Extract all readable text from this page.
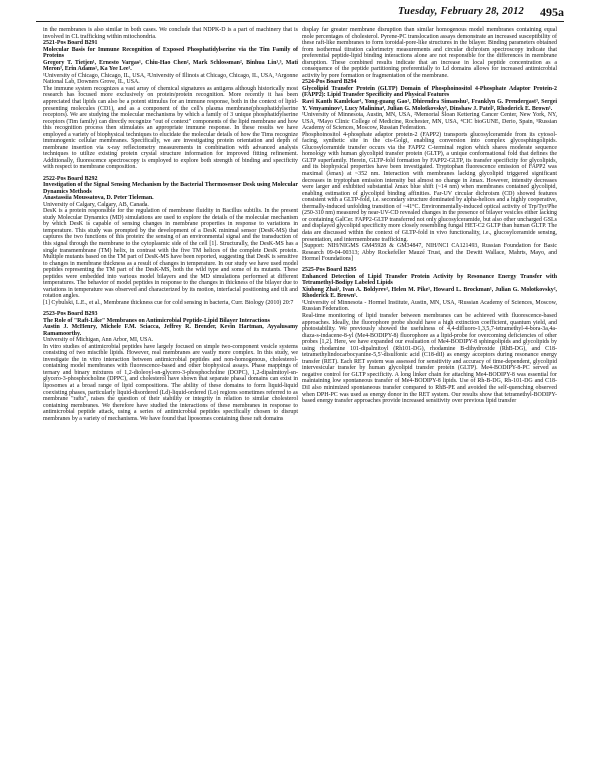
Tuesday, February 28, 2012 495a

in the membranes is also similar in both cases. We conclude that NDPK-D is a part of machinery that is involved in CL trafficking within mitochondria.

2521-Pos Board B291

Molecular Basis for Immune Recognition of Exposed Phosphatidylserine via the Tim Family of Proteins

Gregory T. Tietjen¹, Ernesto Vargas¹, Chiu-Hao Chen², Mark Schlossman², Binhua Lin¹,³, Mati Meron³, Erin Adams¹, Ka Yee Lee¹.

¹University of Chicago, Chicago, IL, USA, ²University of Illinois at Chicago, Chicago, IL, USA, ³Argonne National Lab, Downers Grove, IL, USA.

The immune system recognizes a vast array of chemical signatures as antigens although historically most research has focused more exclusively on protein/protein recognition. More recently it has been appreciated that lipids can also be a potent stimulus for an immune response, both in the context of lipid-presenting molecules (CD1), and as a component of the cell's plasma membrane(phosphatidylserine receptors). We are studying the molecular mechanisms by which a family of 3 unique phosphatidylserine receptors (Tim family) can directly recognize "out of context" components of the lipid membrane and how this recognition process then stimulates an appropriate immune response. In these results we have employed a variety of biophysical techniques to elucidate the molecular details of how the Tims recognize immunogenic cellular membranes. Specifically, we are investigating protein orientation and depth of membrane insertion via x-ray reflectometry measurements in combination with advanced analysis techniques to utilize existing protein crystal structure information for improved fitting refinement. Additionally, fluorescence spectroscopy is employed to explore both strength of binding and specificity with respect to membrane composition.

2522-Pos Board B292

Investigation of the Signal Sensing Mechanism by the Bacterial Thermosensor Desk using Molecular Dynamics Methods

Anastassiia Moussatova, D. Peter Tieleman.

University of Calgary, Calgary, AB, Canada.

DesK is a protein responsible for the regulation of membrane fluidity in Bacillus subtilis. In the present study Molecular Dynamics (MD) simulations are used to explore the details of the molecular mechanism by which DesK is capable of sensing changes in membrane properties in response to variations in temperature. This study was prompted by the development of a DesK minimal sensor (DesK-MS) that captures the two functions of this protein: the sensing of an environmental signal and the transduction of this signal through the membrane to the cytoplasmic side of the cell [1]. Structurally, the DesK-MS has a single transmembrane (TM) helix, in contrast with the five TM helices of the complete DesK protein. Multiple mutants based on the TM part of DesK-MS have been reported, suggesting that DesK is sensitive to changes in membrane thickness as a result of changes in temperature. In our study we have used model peptides representing the TM part of the DesK-MS, both the wild type and some of its mutants. These peptides were embedded into various model bilayers and the MD simulations performed at different temperatures. The behavior of model peptides in response to the changes in thickness of the bilayer due to variations in temperature was observed and characterized by its motion, interfacial positioning and tilt and rotation angles.

[1] Cybulski, L.E., et al., Membrane thickness cue for cold sensing in bacteria, Curr. Biology (2010) 20:7

2523-Pos Board B293

The Role of "Raft-Like" Membranes on Antimicrobial Peptide-Lipid Bilayer Interactions

Austin J. McHenry, Michele F.M. Sciacca, Jeffrey R. Brender, Kevin Hartman, Ayyalusamy Ramamoorthy.

University of Michigan, Ann Arbor, MI, USA.

In vitro studies of antimicrobial peptides have largely focused on simple two-component vesicle systems consisting of two miscible lipids. However, real membranes are vastly more complex. In this study, we investigate the in vitro interaction between antimicrobial peptides and non-homogenous, cholesterol-containing model membranes with fluorescence-based and other biophysical assays. Phase mappings of ternary and binary mixtures of 1,2-dioleoyl-sn-glycero-3-phosphocholine (DOPC), 1,2-dipalmitoyl-sn-glycero-3-phosphocholine (DPPC), and cholesterol have shown that separate phasal domains can exist in liposomes at a broad range of lipid compositions. The ability of these domains to form liquid-liquid coexisting phases, particularly liquid-disordered (Ld)-liquid-ordered (Lo) regions sometimes referred to as membrane "rafts", raises the question of their stability or integrity in relation to similar cholesterol containing membranes. We therefore have studied the interactions of these membranes in response to antimicrobial peptide attack, using a series of antimicrobial peptides specifically chosen to disrupt membranes by a variety of mechanisms. We have found that liposomes containing these raft domains

display far greater membrane disruption than similar homogenous model membranes containing equal mole percentages of cholesterol. Pyrene-PC translocation assays demonstrate an increased susceptibility of these raft-like membranes to form toroidal-pore-like structures in the bilayer. Binding parameters obtained from isothermal titration calorimetry measurements and circular dichroism spectroscopy indicate that preferential peptide-lipid binding interactions alone are not responsible for the differences in membrane disruption. These combined results indicate that an increase in local peptide concentration as a consequence of the peptide partitioning preferentially to Ld domains allows for increased antimicrobial activity by pore formation or fragmentation of the membrane.

2524-Pos Board B294

Glycolipid Transfer Protein (GLTP) Domain of Phosphoinositol 4-Phosphate Adaptor Protein-2 (FAPP2): Lipid Transfer Specificity and Physical Features

Ravi Kanth Kamlekar¹, Yong-guang Gao¹, Dhirendra Simanshu², Franklyn G. Prendergast³, Sergei Y. Venyaminov³, Lucy Malinina⁴, Julian G. Molotkovsky⁵, Dinshaw J. Patel², Rhoderick E. Brown¹.

¹University of Minnesota, Austin, MN, USA, ²Memorial Sloan Kettering Cancer Center, New York, NY, USA, ³Mayo Clinic College of Medicine, Rochester, MN, USA, ⁴CIC bioGUNE, Derio, Spain, ⁵Russian Academy of Sciences, Moscow, Russian Federation.

Phosphoinositol 4-phosphate adaptor protein-2 (FAPP2) transports glucosylceramide from its cytosol-facing, synthetic site in the cis-Golgi, enabling conversion into complex glycosphingolipids. Glucosylceramide transfer occurs via the FAPP2 C-terminal region which shares moderate sequence homology with human glycolipid transfer protein (GLTP), a unique conformational fold that defines the GLTP superfamily. Herein, GLTP-fold formation by FAPP2-GLTP, its transfer specificity for glycolipids, and its biophysical properties have been investigated. Tryptophan fluorescence emission of FAPP2 was maximal (λmax) at ~352 nm. Interaction with membranes lacking glycolipid triggered significant decreases in tryptophan emission intensity but almost no change in λmax. However, intensity decreases were larger and exhibited substantial λmax blue shift (~14 nm) when membranes contained glycolipid, enabling estimation of glycolipid binding affinities. Far-UV circular dichroism (CD) showed features consistent with a GLTP-fold, i.e. secondary structure dominated by alpha-helices and a highly cooperative, thermally-induced unfolding transition of ~41°C. Environmentally-induced optical activity of Trp/Tyr/Phe (250-310 nm) measured by near-UV-CD revealed changes in the presence of bilayer vesicles either lacking or containing GalCer. FAPP2-GLTP transferred not only glucosylceramide, but also other uncharged GSLs and displayed glycolipid specificity more closely resembling fungal HET-C2 GLTP than human GLTP. The data are discussed within the context of GLTP-fold in vivo functionality, i.e., glucosylceramide sensing, presentation, and intermembrane trafficking.

[Support: NIH/NIGMS GM45928 & GM34847, NIH/NCI CA121493, Russian Foundation for Basic Research 09-04-00313; Abby Rockefeller Mauzé Trust, and the Dewitt Wallace, Mahrts, Mayo, and Hormel Foundations]

2525-Pos Board B295

Enhanced Detection of Lipid Transfer Protein Activity by Resonance Energy Transfer with Tetramethyl-Bodipy Labeled Lipids

Xiuhong Zhai¹, Ivan A. Boldyrev², Helen M. Pike¹, Howard L. Brockman¹, Julian G. Molotkovsky², Rhoderick E. Brown¹.

¹University of Minnesota - Hormel Institute, Austin, MN, USA, ²Russian Academy of Sciences, Moscow, Russian Federation.

Real-time monitoring of lipid transfer between membranes can be achieved with fluorescence-based approaches. Ideally, the fluorophore probe should have a high extinction coefficient, quantum yield, and photostability. We previously showed the usefulness of 4,4-difluoro-1,3,5,7-tetramethyl-4-bora-3a,4a-diaza-s-indacene-8-yl (Me4-BODIPY-8) fluorophore as a lipid-probe for overcoming deficiencies of other probes [1,2]. Here, we have expanded our evaluation of Me4-BODIPY-8 sphingolipids and glycolipids by using rhodamine 101-dipalmitoyl (Rh101-DG), rhodamine B-dihydroxide (RhB-DG), and C18-tetramethylindocarbocyanine-5,5'-disulfonic acid (C18-diI) as energy acceptors during resonance energy transfer (RET). Each RET system was assessed for sensitivity and accuracy of time-dependent, glycolipid intervesicular transfer by human glycolipid transfer protein (GLTP). Me4-BODIPY-8-PC served as negative control for GLTP specificity. A long linker chain for attaching Me4-BODIPY-8 was essential for maintaining low spontaneous transfer of Me4-BODIPY-8 lipids. Use of Rh-B-DG, Rh-101-DG and C18-DiI also minimized spontaneous transfer compared to RhB-PE and avoided the self-quenching observed when DPH-PC was used as energy donor in the RET system. Our results show that tetramethyl-BODIPY-based energy transfer approaches provide increased sensitivity over previous lipid transfer
